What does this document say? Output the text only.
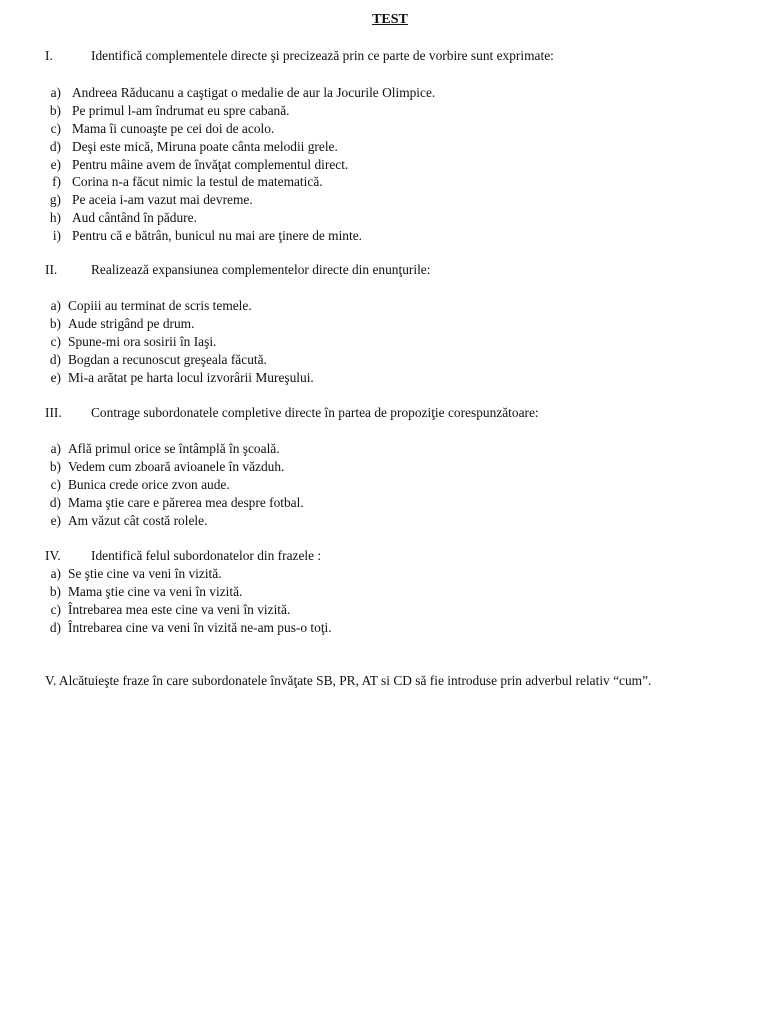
TEST
I.	Identifică complementele directe şi precizează prin ce parte de vorbire sunt exprimate:
a) Andreea Răducanu a caştigat o medalie de aur la Jocurile Olimpice.
b) Pe primul l-am îndrumat eu spre cabană.
c) Mama îi cunoaşte pe cei doi de acolo.
d) Deşi este mică, Miruna poate cânta melodii grele.
e) Pentru mâine avem de învăţat complementul direct.
f) Corina n-a făcut nimic la testul de matematică.
g) Pe aceia i-am vazut mai devreme.
h) Aud cântând în pădure.
i) Pentru că e bătrân, bunicul nu mai are ţinere de minte.
II.	Realizează expansiunea complementelor directe din enunţurile:
a) Copiii au terminat de scris temele.
b) Aude strigând pe drum.
c) Spune-mi ora sosirii în Iaşi.
d) Bogdan a recunoscut greşeala făcută.
e) Mi-a arătat pe harta locul izvorârii Mureşului.
III. Contrage subordonatele completive directe în partea de propoziţie corespunzătoare:
a) Află primul orice se întâmplă în şcoală.
b) Vedem cum zboară avioanele în văzduh.
c) Bunica crede orice zvon aude.
d) Mama ştie care e părerea mea despre fotbal.
e) Am văzut cât costă rolele.
IV. Identifică felul subordonatelor din frazele :
a) Se ştie cine va veni în vizită.
b) Mama ştie cine va veni în vizită.
c) Întrebarea mea este cine va veni în vizită.
d) Întrebarea cine va veni în vizită ne-am pus-o toţi.
V. Alcătuieşte fraze în care subordonatele învăţate SB, PR, AT si CD să fie introduse prin adverbul relativ “cum”.
